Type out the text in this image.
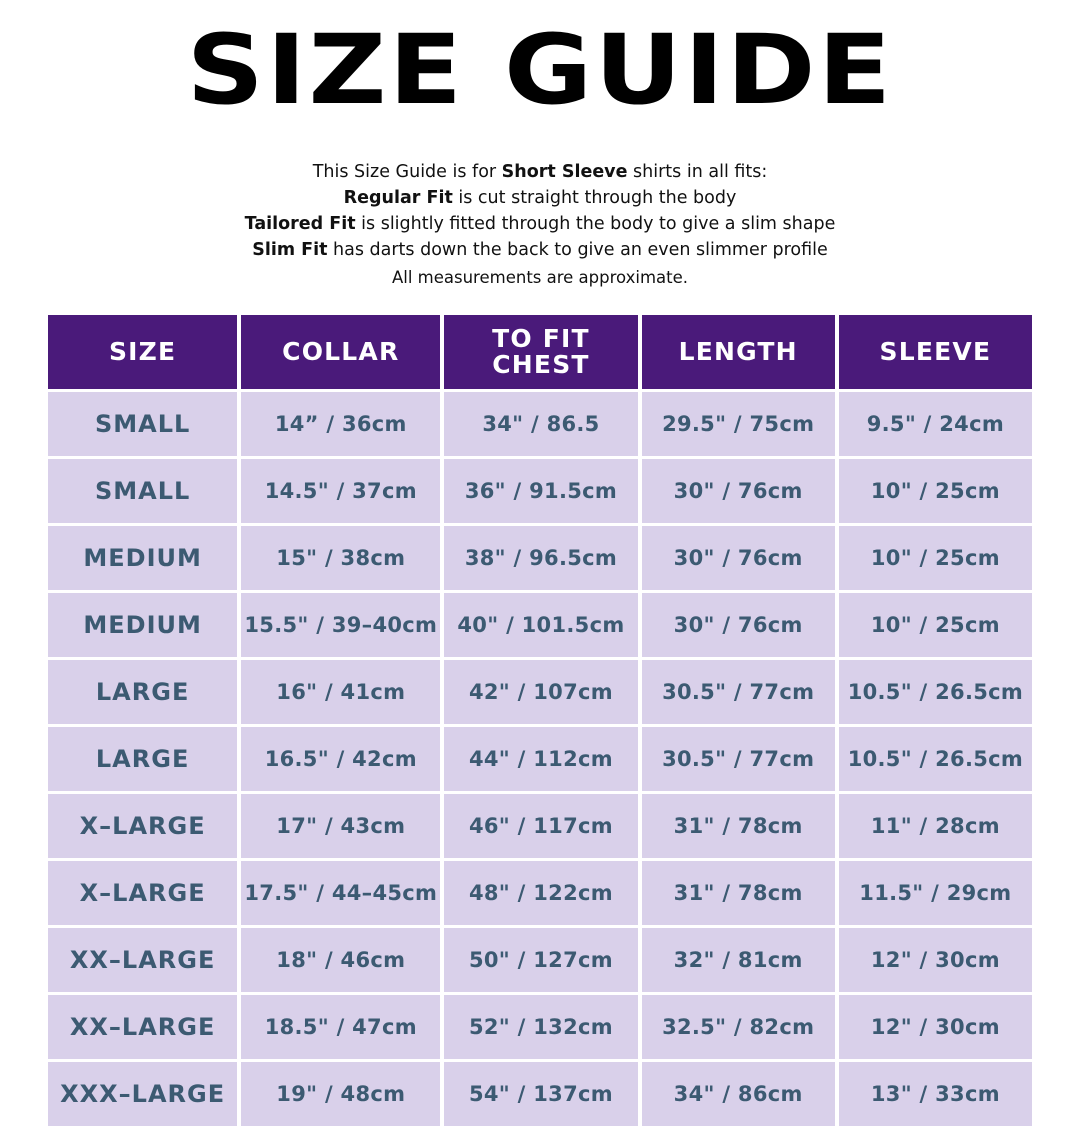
SIZE GUIDE
This Size Guide is for Short Sleeve shirts in all fits:
Regular Fit is cut straight through the body
Tailored Fit is slightly fitted through the body to give a slim shape
Slim Fit has darts down the back to give an even slimmer profile
All measurements are approximate.
SIZE	COLLAR	TO FIT CHEST	LENGTH	SLEEVE
SMALL	14” / 36cm	34" / 86.5	29.5" / 75cm	9.5" / 24cm
SMALL	14.5" / 37cm	36" / 91.5cm	30" / 76cm	10" / 25cm
MEDIUM	15" / 38cm	38" / 96.5cm	30" / 76cm	10" / 25cm
MEDIUM	15.5" / 39–40cm	40" / 101.5cm	30" / 76cm	10" / 25cm
LARGE	16" / 41cm	42" / 107cm	30.5" / 77cm	10.5" / 26.5cm
LARGE	16.5" / 42cm	44" / 112cm	30.5" / 77cm	10.5" / 26.5cm
X–LARGE	17" / 43cm	46" / 117cm	31" / 78cm	11" / 28cm
X–LARGE	17.5" / 44–45cm	48" / 122cm	31" / 78cm	11.5" / 29cm
XX–LARGE	18" / 46cm	50" / 127cm	32" / 81cm	12" / 30cm
XX–LARGE	18.5" / 47cm	52" / 132cm	32.5" / 82cm	12" / 30cm
XXX–LARGE	19" / 48cm	54" / 137cm	34" / 86cm	13" / 33cm
